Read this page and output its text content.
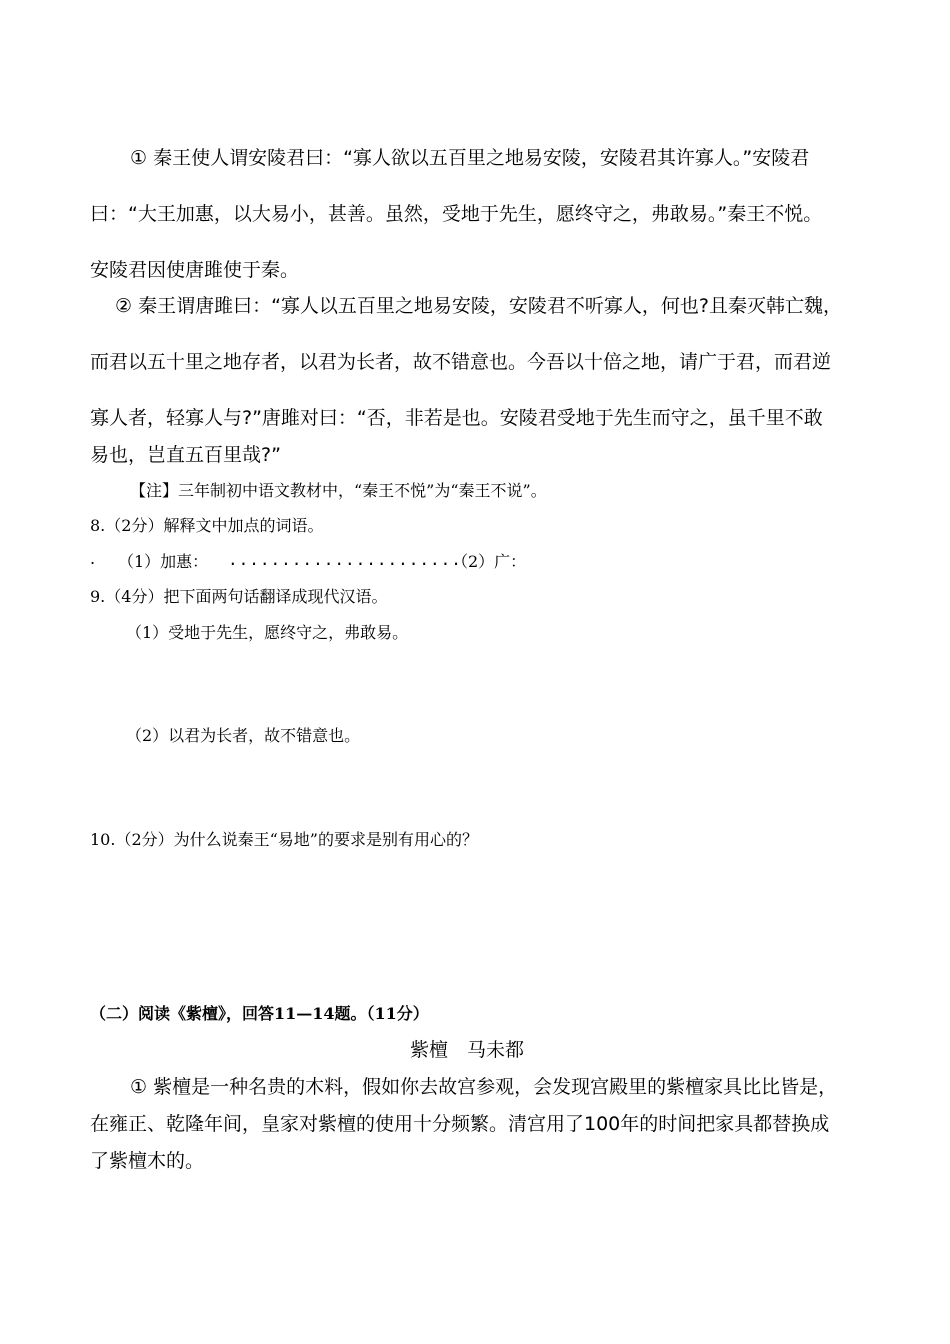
① 秦王使人谓安陵君曰：“寡人欲以五百里之地易安陵，安陵君其许寡人。”安陵君
曰：“大王加惠，以大易小，甚善。虽然，受地于先生，愿终守之，弗敢易。”秦王不悦。
安陵君因使唐雎使于秦。
② 秦王谓唐雎曰：“寡人以五百里之地易安陵，安陵君不听寡人，何也?且秦灭韩亡魏，
而君以五十里之地存者，以君为长者，故不错意也。今吾以十倍之地，请广于君，而君逆
寡人者，轻寡人与?”唐雎对曰：“否，非若是也。安陵君受地于先生而守之，虽千里不敢
易也，岂直五百里哉?”
【注】三年制初中语文教材中，“秦王不悦”为“秦王不说”。
8.（2分）解释文中加点的词语。
. （1）加惠： ......................
（2）广：
9.（4分）把下面两句话翻译成现代汉语。
（1）受地于先生，愿终守之，弗敢易。
（2）以君为长者，故不错意也。
10.（2分）为什么说秦王“易地”的要求是别有用心的？
（二）阅读《紫檀》，回答11—14题。（11分）
紫檀　马未都
① 紫檀是一种名贵的木料，假如你去故宫参观，会发现宫殿里的紫檀家具比比皆是，
在雍正、乾隆年间，皇家对紫檀的使用十分频繁。清宫用了100年的时间把家具都替换成
了紫檀木的。
